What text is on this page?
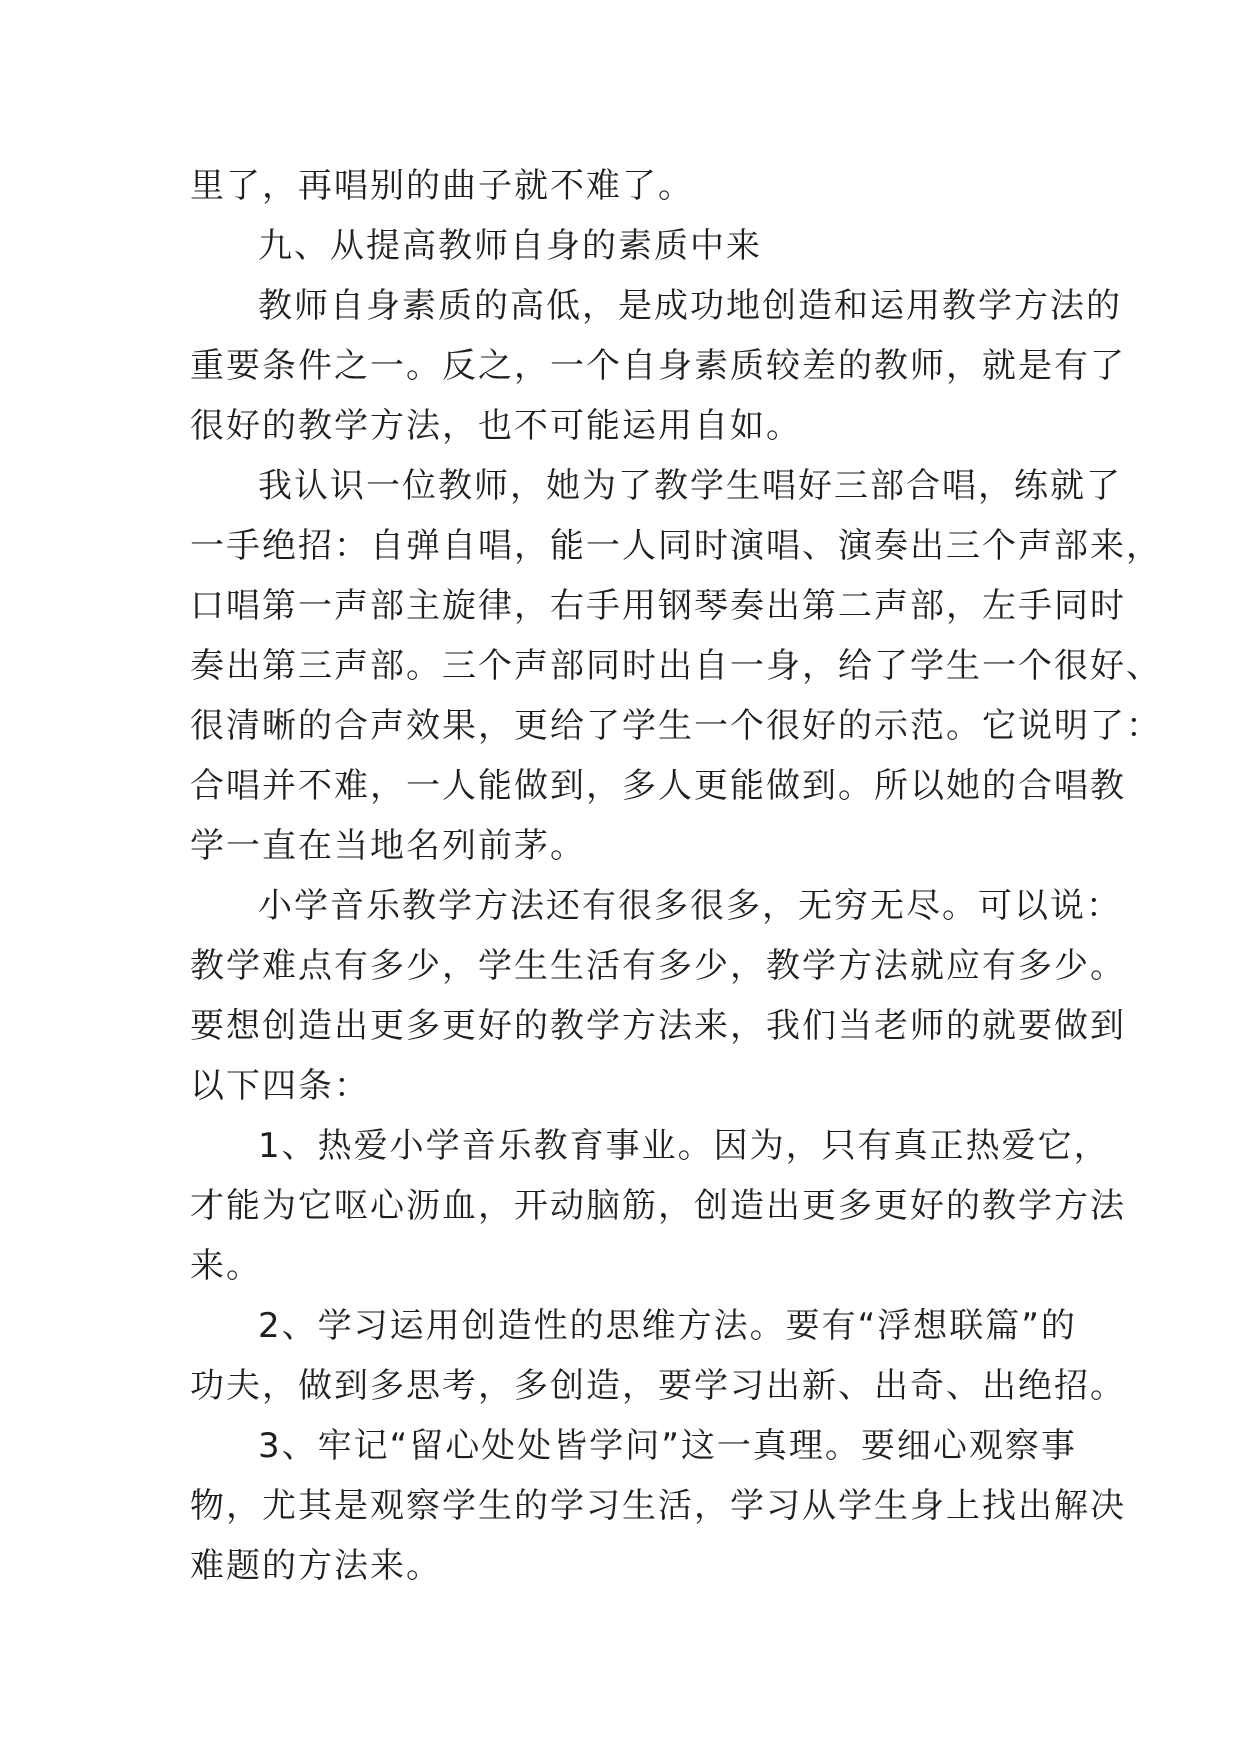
里了，再唱别的曲子就不难了。

九、从提高教师自身的素质中来

教师自身素质的高低，是成功地创造和运用教学方法的

重要条件之一。反之，一个自身素质较差的教师，就是有了

很好的教学方法，也不可能运用自如。

我认识一位教师，她为了教学生唱好三部合唱，练就了

一手绝招：自弹自唱，能一人同时演唱、演奏出三个声部来，

口唱第一声部主旋律，右手用钢琴奏出第二声部，左手同时

奏出第三声部。三个声部同时出自一身，给了学生一个很好、

很清晰的合声效果，更给了学生一个很好的示范。它说明了：

合唱并不难，一人能做到，多人更能做到。所以她的合唱教

学一直在当地名列前茅。

小学音乐教学方法还有很多很多，无穷无尽。可以说：

教学难点有多少，学生生活有多少，教学方法就应有多少。

要想创造出更多更好的教学方法来，我们当老师的就要做到

以下四条：

1、热爱小学音乐教育事业。因为，只有真正热爱它，

才能为它呕心沥血，开动脑筋，创造出更多更好的教学方法

来。

2、学习运用创造性的思维方法。要有“浮想联篇”的

功夫，做到多思考，多创造，要学习出新、出奇、出绝招。

3、牢记“留心处处皆学问”这一真理。要细心观察事

物，尤其是观察学生的学习生活，学习从学生身上找出解决

难题的方法来。
